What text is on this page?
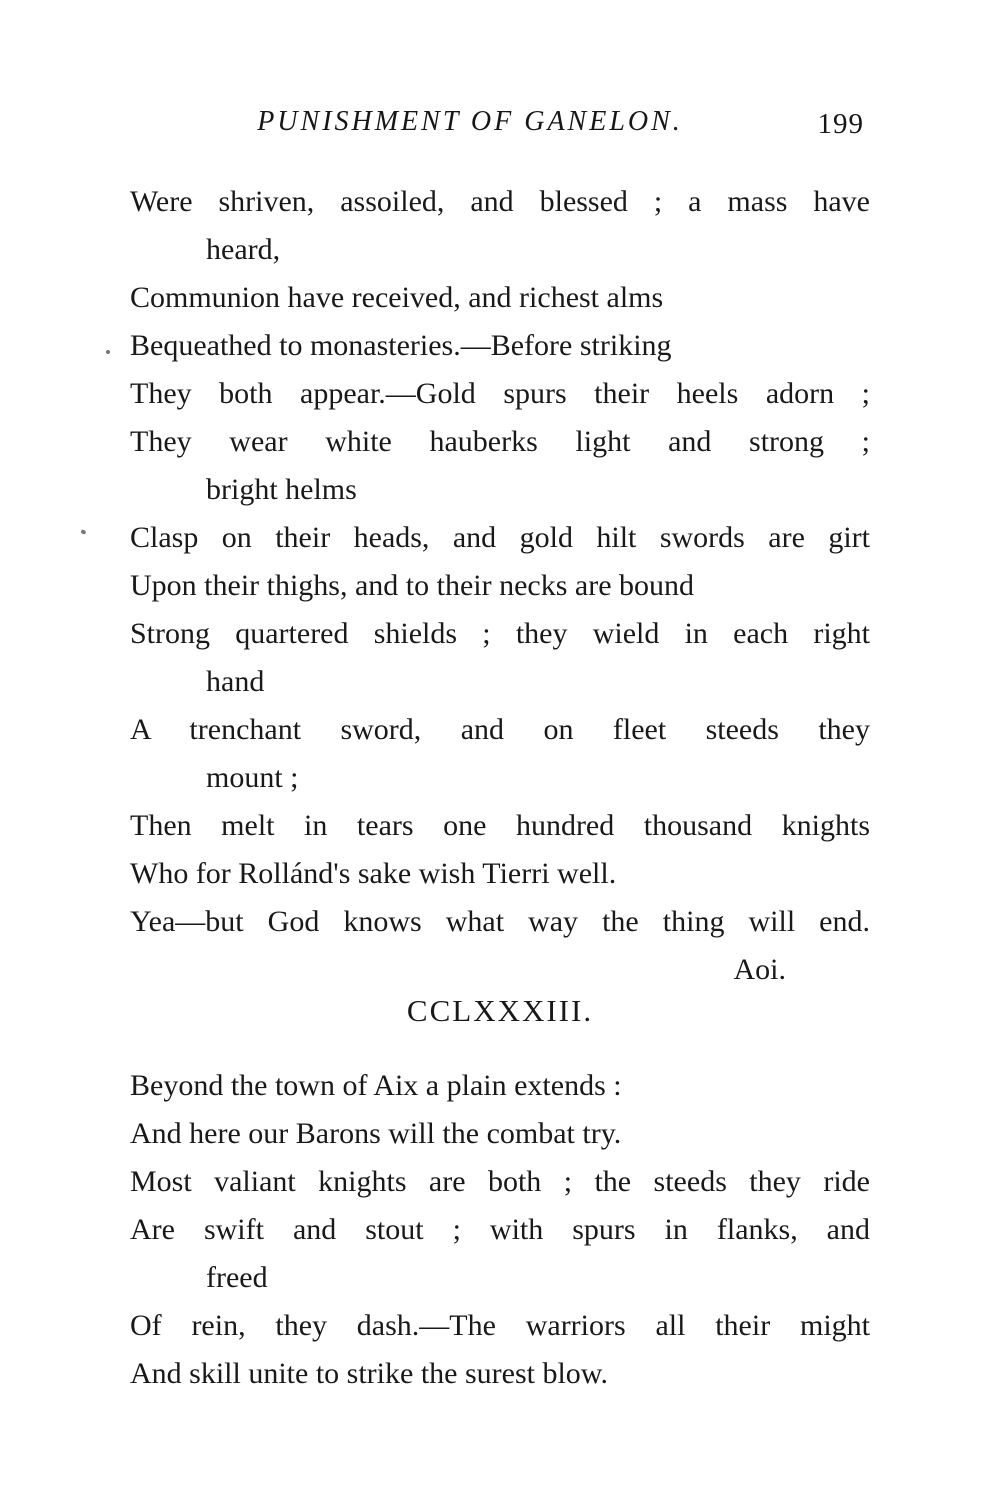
PUNISHMENT OF GANELON.	199
Were shriven, assoiled, and blessed ; a mass have
heard,
Communion have received, and richest alms
Bequeathed to monasteries.—Before striking
They both appear.—Gold spurs their heels adorn ;
They wear white hauberks light and strong ;
bright helms
Clasp on their heads, and gold hilt swords are girt
Upon their thighs, and to their necks are bound
Strong quartered shields ; they wield in each right
hand
A trenchant sword, and on fleet steeds they
mount ;
Then melt in tears one hundred thousand knights
Who for Rollánd's sake wish Tierri well.
Yea—but God knows what way the thing will end.
Aoi.
CCLXXXIII.
Beyond the town of Aix a plain extends :
And here our Barons will the combat try.
Most valiant knights are both ; the steeds they ride
Are swift and stout ; with spurs in flanks, and
freed
Of rein, they dash.—The warriors all their might
And skill unite to strike the surest blow.
